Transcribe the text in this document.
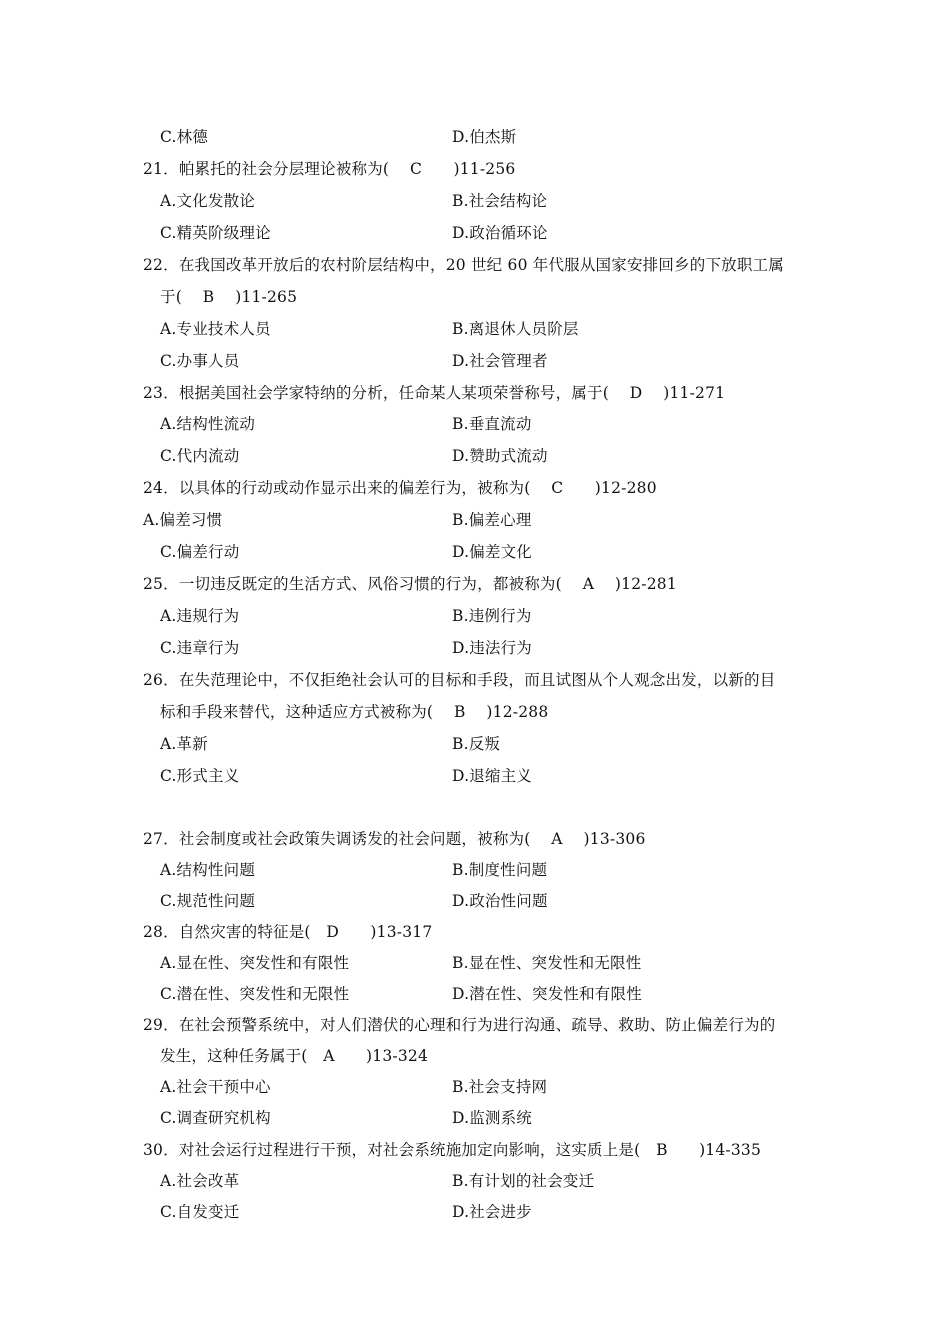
C.林德	D.伯杰斯
21．帕累托的社会分层理论被称为(　 C　　)11-256
A.文化发散论	B.社会结构论
C.精英阶级理论	D.政治循环论
22．在我国改革开放后的农村阶层结构中，20 世纪 60 年代服从国家安排回乡的下放职工属
于(　 B　 )11-265
A.专业技术人员	B.离退休人员阶层
C.办事人员	D.社会管理者
23．根据美国社会学家特纳的分析，任命某人某项荣誉称号，属于(　 D　 )11-271
A.结构性流动	B.垂直流动
C.代内流动	D.赞助式流动
24．以具体的行动或动作显示出来的偏差行为，被称为(　 C　　)12-280
A.偏差习惯	B.偏差心理
C.偏差行动	D.偏差文化
25．一切违反既定的生活方式、风俗习惯的行为，都被称为(　 A　 )12-281
A.违规行为	B.违例行为
C.违章行为	D.违法行为
26．在失范理论中，不仅拒绝社会认可的目标和手段，而且试图从个人观念出发，以新的目
标和手段来替代，这种适应方式被称为(　 B　 )12-288
A.革新	B.反叛
C.形式主义	D.退缩主义
27．社会制度或社会政策失调诱发的社会问题，被称为(　 A　 )13-306
A.结构性问题	B.制度性问题
C.规范性问题	D.政治性问题
28．自然灾害的特征是(　D　　)13-317
A.显在性、突发性和有限性	B.显在性、突发性和无限性
C.潜在性、突发性和无限性	D.潜在性、突发性和有限性
29．在社会预警系统中，对人们潜伏的心理和行为进行沟通、疏导、救助、防止偏差行为的
发生，这种任务属于(　A　　)13-324
A.社会干预中心	B.社会支持网
C.调查研究机构	D.监测系统
30．对社会运行过程进行干预，对社会系统施加定向影响，这实质上是(　B　　)14-335
A.社会改革	B.有计划的社会变迁
C.自发变迁	D.社会进步
